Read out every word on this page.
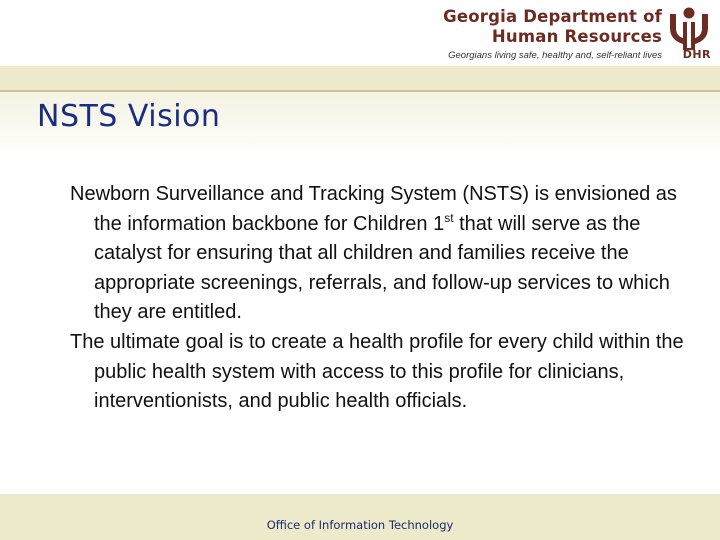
Georgia Department of
Human Resources
Georgians living safe, healthy and, self-reliant lives DHR
NSTS Vision

Newborn Surveillance and Tracking System (NSTS) is envisioned as the information backbone for Children 1st that will serve as the catalyst for ensuring that all children and families receive the appropriate screenings, referrals, and follow-up services to which they are entitled.

The ultimate goal is to create a health profile for every child within the public health system with access to this profile for clinicians, interventionists, and public health officials.

Office of Information Technology
